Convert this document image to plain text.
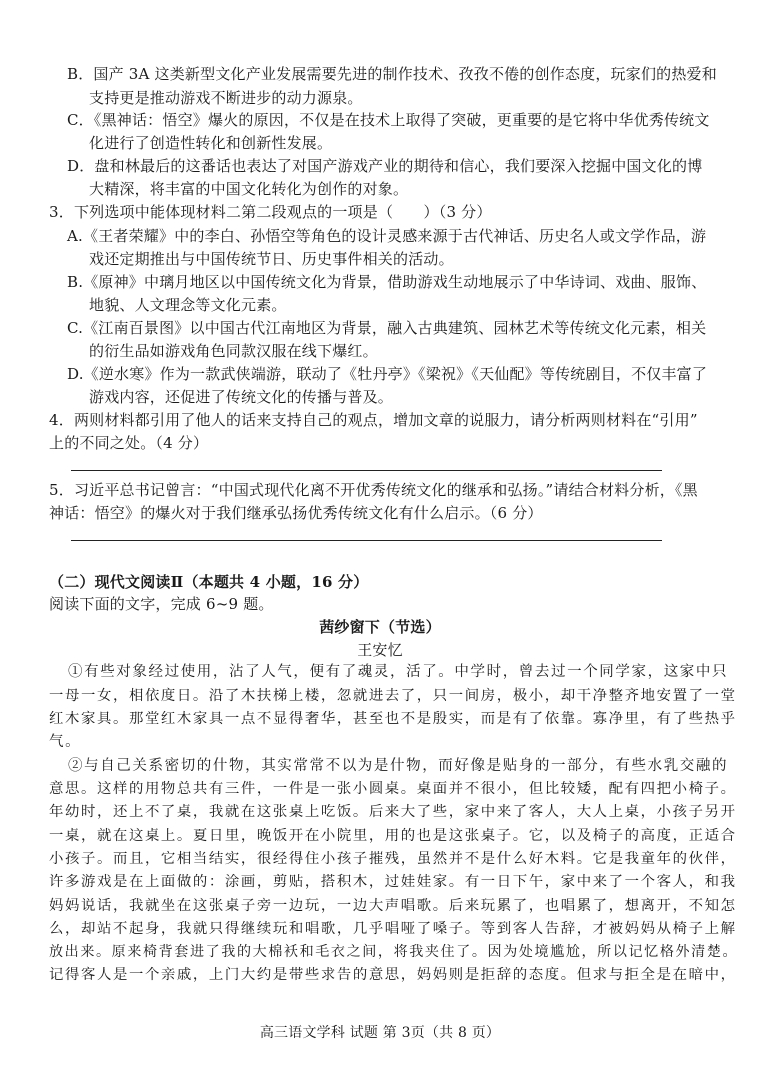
B．国产 3A 这类新型文化产业发展需要先进的制作技术、孜孜不倦的创作态度，玩家们的热爱和
支持更是推动游戏不断进步的动力源泉。
C．《黑神话：悟空》爆火的原因，不仅是在技术上取得了突破，更重要的是它将中华优秀传统文
化进行了创造性转化和创新性发展。
D．盘和林最后的这番话也表达了对国产游戏产业的期待和信心，我们要深入挖掘中国文化的博
大精深，将丰富的中国文化转化为创作的对象。
3．下列选项中能体现材料二第二段观点的一项是（　　）（3 分）
A.《王者荣耀》中的李白、孙悟空等角色的设计灵感来源于古代神话、历史名人或文学作品，游
戏还定期推出与中国传统节日、历史事件相关的活动。
B.《原神》中璃月地区以中国传统文化为背景，借助游戏生动地展示了中华诗词、戏曲、服饰、
地貌、人文理念等文化元素。
C.《江南百景图》以中国古代江南地区为背景，融入古典建筑、园林艺术等传统文化元素，相关
的衍生品如游戏角色同款汉服在线下爆红。
D.《逆水寒》作为一款武侠端游，联动了《牡丹亭》《梁祝》《天仙配》等传统剧目，不仅丰富了
游戏内容，还促进了传统文化的传播与普及。
4．两则材料都引用了他人的话来支持自己的观点，增加文章的说服力，请分析两则材料在“引用”
上的不同之处。（4 分）
5．习近平总书记曾言：“中国式现代化离不开优秀传统文化的继承和弘扬。”请结合材料分析，《黑
神话：悟空》的爆火对于我们继承弘扬优秀传统文化有什么启示。（6 分）
（二）现代文阅读Ⅱ（本题共 4 小题，16 分）
阅读下面的文字，完成 6~9 题。
茜纱窗下（节选）
王安忆
①有些对象经过使用，沾了人气，便有了魂灵，活了。中学时，曾去过一个同学家，这家中只
一母一女，相依度日。沿了木扶梯上楼，忽就进去了，只一间房，极小，却干净整齐地安置了一堂
红木家具。那堂红木家具一点不显得奢华，甚至也不是殷实，而是有了依靠。寡净里，有了些热乎
气。
②与自己关系密切的什物，其实常常不以为是什物，而好像是贴身的一部分，有些水乳交融的
意思。这样的用物总共有三件，一件是一张小圆桌。桌面并不很小，但比较矮，配有四把小椅子。
年幼时，还上不了桌，我就在这张桌上吃饭。后来大了些，家中来了客人，大人上桌，小孩子另开
一桌，就在这桌上。夏日里，晚饭开在小院里，用的也是这张桌子。它，以及椅子的高度，正适合
小孩子。而且，它相当结实，很经得住小孩子摧残，虽然并不是什么好木料。它是我童年的伙伴，
许多游戏是在上面做的：涂画，剪贴，搭积木，过娃娃家。有一日下午，家中来了一个客人，和我
妈妈说话，我就坐在这张桌子旁一边玩，一边大声唱歌。后来玩累了，也唱累了，想离开，不知怎
么，却站不起身，我就只得继续玩和唱歌，几乎唱哑了嗓子。等到客人告辞，才被妈妈从椅子上解
放出来。原来椅背套进了我的大棉袄和毛衣之间，将我夹住了。因为处境尴尬，所以记忆格外清楚。
记得客人是一个亲戚，上门大约是带些求告的意思，妈妈则是拒辞的态度。但求与拒全是在暗中，
高三语文学科 试题 第 3页（共 8 页）
